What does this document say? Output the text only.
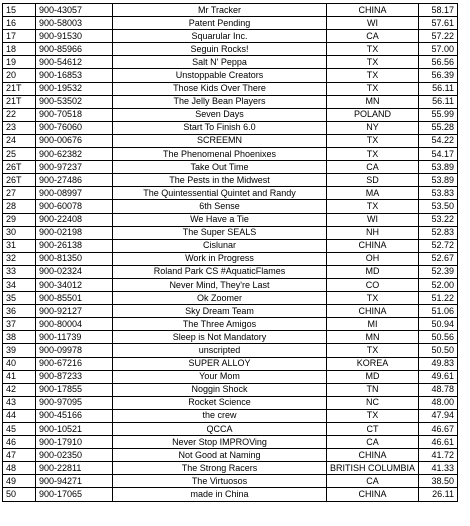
15	900-43057	Mr Tracker	CHINA	58.17
16	900-58003	Patent Pending	WI	57.61
17	900-91530	Squarular Inc.	CA	57.22
18	900-85966	Seguin Rocks!	TX	57.00
19	900-54612	Salt N' Peppa	TX	56.56
20	900-16853	Unstoppable Creators	TX	56.39
21T	900-19532	Those Kids Over There	TX	56.11
21T	900-53502	The Jelly Bean Players	MN	56.11
22	900-70518	Seven Days	POLAND	55.99
23	900-76060	Start To Finish 6.0	NY	55.28
24	900-00676	SCREEMN	TX	54.22
25	900-62382	The Phenomenal Phoenixes	TX	54.17
26T	900-97237	Take Out Time	CA	53.89
26T	900-27486	The Pests in the Midwest	SD	53.89
27	900-08997	The Quintessential Quintet and Randy	MA	53.83
28	900-60078	6th Sense	TX	53.50
29	900-22408	We Have a Tie	WI	53.22
30	900-02198	The Super SEALS	NH	52.83
31	900-26138	Cislunar	CHINA	52.72
32	900-81350	Work in Progress	OH	52.67
33	900-02324	Roland Park CS #AquaticFlames	MD	52.39
34	900-34012	Never Mind, They're Last	CO	52.00
35	900-85501	Ok Zoomer	TX	51.22
36	900-92127	Sky Dream Team	CHINA	51.06
37	900-80004	The Three Amigos	MI	50.94
38	900-11739	Sleep is Not Mandatory	MN	50.56
39	900-09978	unscripted	TX	50.50
40	900-67216	SUPER ALLOY	KOREA	49.83
41	900-87233	Your Mom	MD	49.61
42	900-17855	Noggin Shock	TN	48.78
43	900-97095	Rocket Science	NC	48.00
44	900-45166	the crew	TX	47.94
45	900-10521	QCCA	CT	46.67
46	900-17910	Never Stop IMPROVing	CA	46.61
47	900-02350	Not Good at Naming	CHINA	41.72
48	900-22811	The Strong Racers	BRITISH COLUMBIA	41.33
49	900-94271	The Virtuosos	CA	38.50
50	900-17065	made in China	CHINA	26.11
